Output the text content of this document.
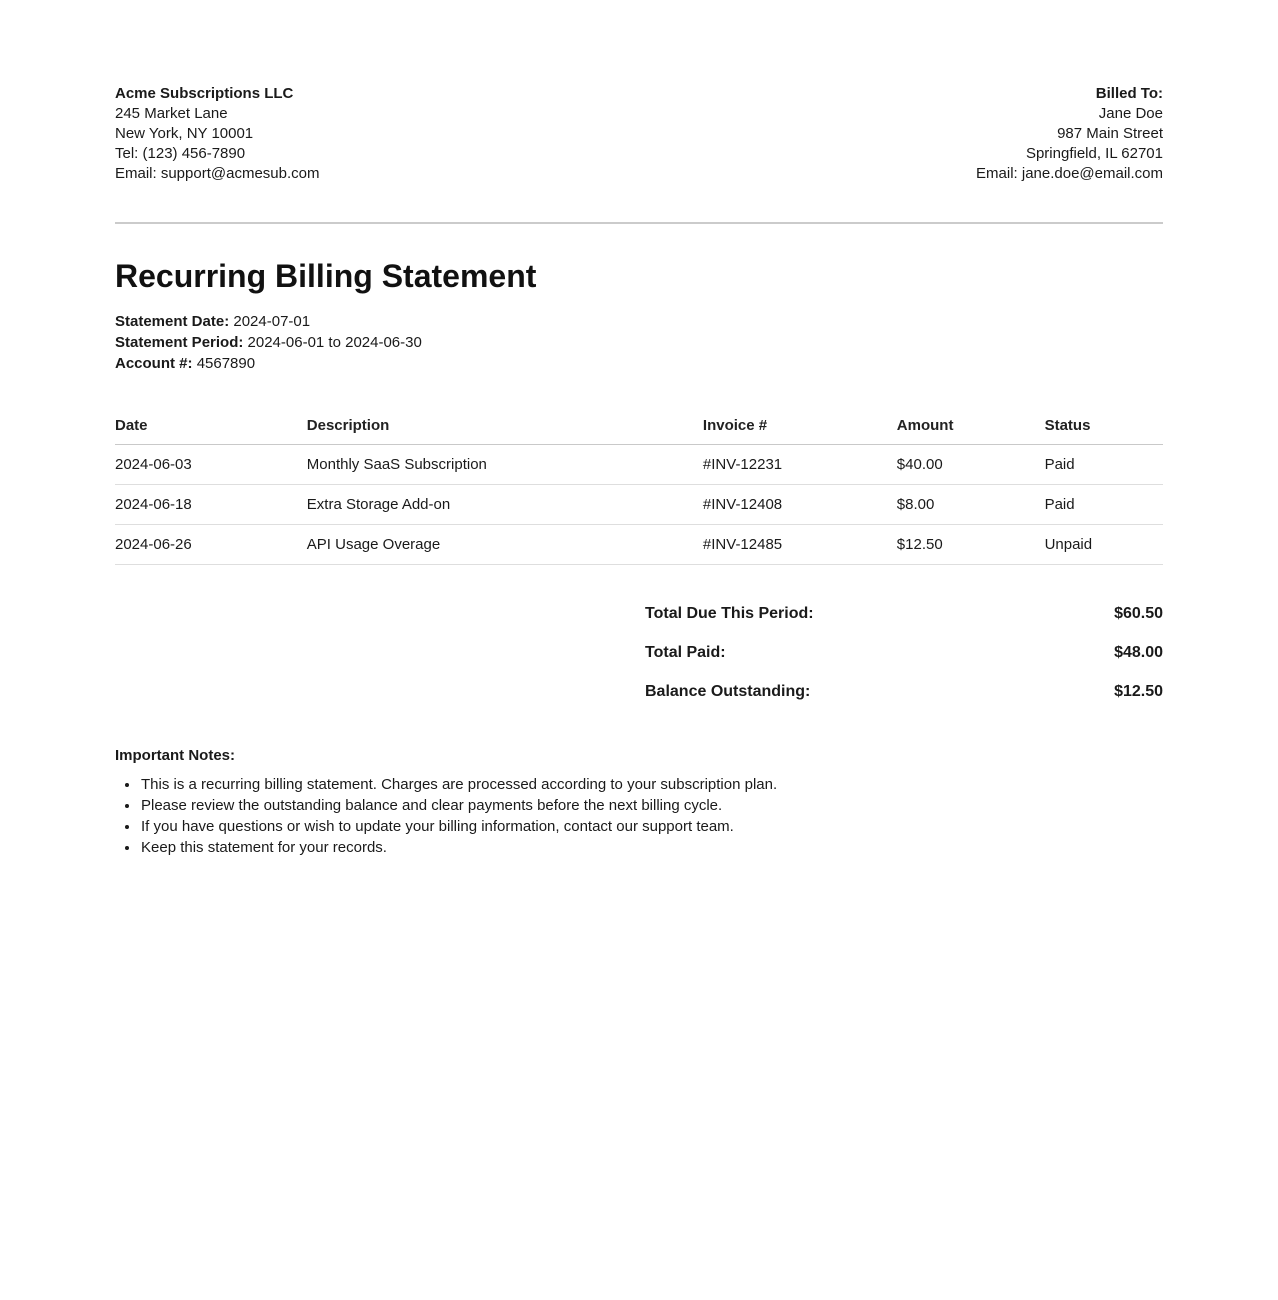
Acme Subscriptions LLC
245 Market Lane
New York, NY 10001
Tel: (123) 456-7890
Email: support@acmesub.com
Billed To:
Jane Doe
987 Main Street
Springfield, IL 62701
Email: jane.doe@email.com
Recurring Billing Statement
Statement Date: 2024-07-01
Statement Period: 2024-06-01 to 2024-06-30
Account #: 4567890
Date	Description	Invoice #	Amount	Status
2024-06-03	Monthly SaaS Subscription	#INV-12231	$40.00	Paid
2024-06-18	Extra Storage Add-on	#INV-12408	$8.00	Paid
2024-06-26	API Usage Overage	#INV-12485	$12.50	Unpaid
Total Due This Period:	$60.50
Total Paid:	$48.00
Balance Outstanding:	$12.50
Important Notes:
• This is a recurring billing statement. Charges are processed according to your subscription plan.
• Please review the outstanding balance and clear payments before the next billing cycle.
• If you have questions or wish to update your billing information, contact our support team.
• Keep this statement for your records.
